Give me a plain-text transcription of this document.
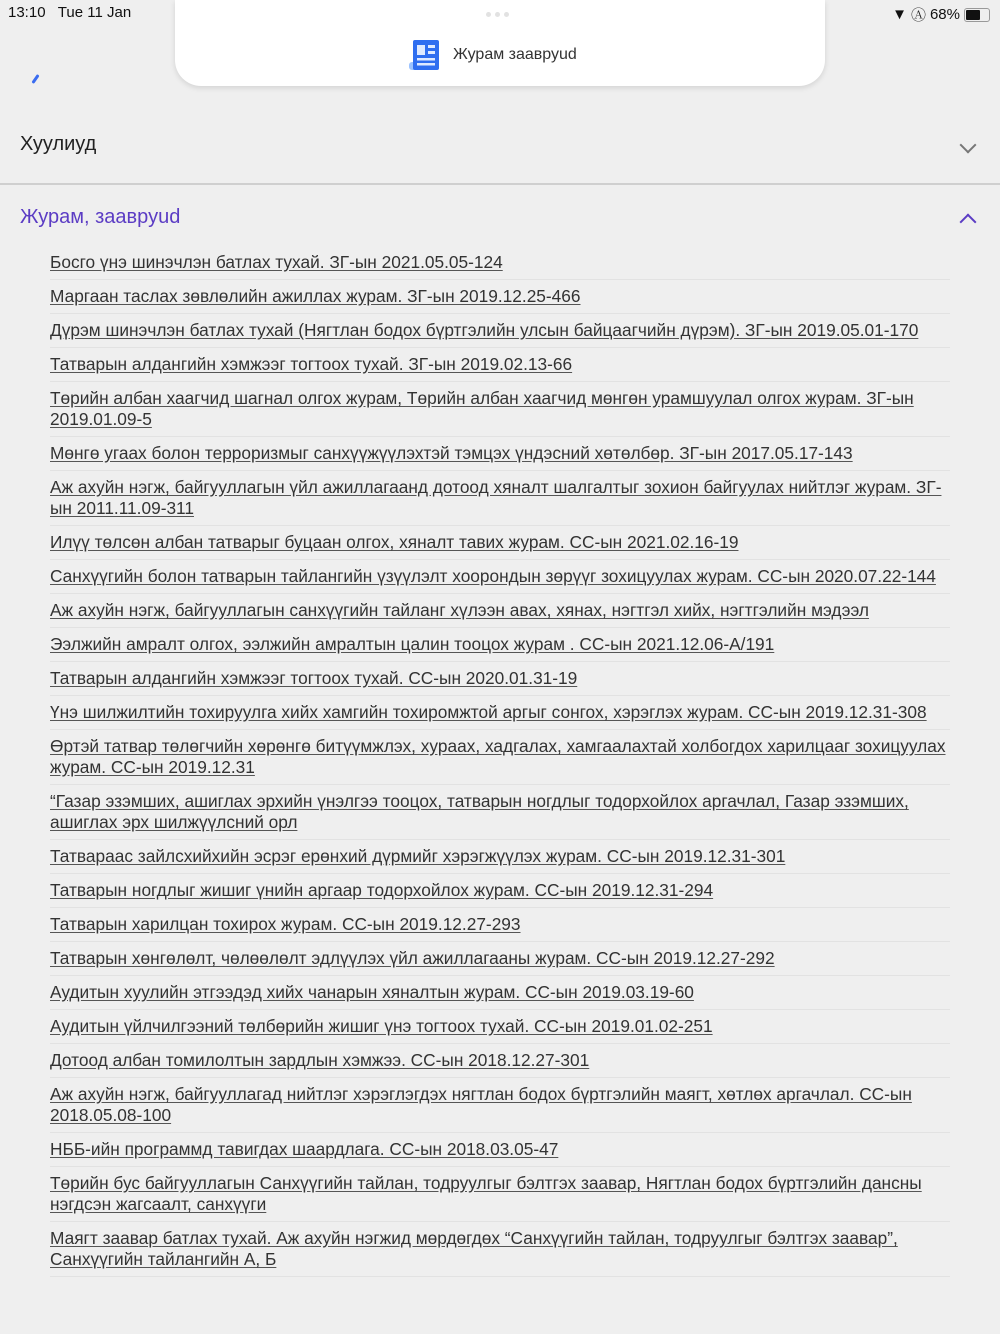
13:10 Tue 11 Jan	▼ Ⓐ 68%
Журам заавруud
Хуулиуд
Журам, заавруud
Босго үнэ шинэчлэн батлах тухай. ЗГ-ын 2021.05.05-124
Маргаан таслах зөвлөлийн ажиллах журам. ЗГ-ын 2019.12.25-466
Дүрэм шинэчлэн батлах тухай (Нягтлан бодох бүртгэлийн улсын байцаагчийн дүрэм). ЗГ-ын 2019.05.01-170
Татварын алдангийн хэмжээг тогтоох тухай. ЗГ-ын 2019.02.13-66
Төрийн албан хаагчид шагнал олгох журам, Төрийн албан хаагчид мөнгөн урамшуулал олгох журам. ЗГ-ын 2019.01.09-5
Мөнгө угаах болон терроризмыг санхүүжүүлэхтэй тэмцэх үндэсний хөтөлбөр. ЗГ-ын 2017.05.17-143
Аж ахуйн нэгж, байгууллагын үйл ажиллагаанд дотоод хяналт шалгалтыг зохион байгуулах нийтлэг журам. ЗГ-ын 2011.11.09-311
Илүү төлсөн албан татварыг буцаан олгох, хяналт тавих журам. СС-ын 2021.02.16-19
Санхүүгийн болон татварын тайлангийн үзүүлэлт хоорондын зөрүүг зохицуулах журам. СС-ын 2020.07.22-144
Аж ахуйн нэгж, байгууллагын санхүүгийн тайланг хүлээн авах, хянах, нэгтгэл хийх, нэгтгэлийн мэдээл
Ээлжийн амралт олгох, ээлжийн амралтын цалин тооцох журам . СС-ын 2021.12.06-А/191
Татварын алдангийн хэмжээг тогтоох тухай. СС-ын 2020.01.31-19
Үнэ шилжилтийн тохируулга хийх хамгийн тохиромжтой аргыг сонгох, хэрэглэх журам. СС-ын 2019.12.31-308
Өртэй татвар төлөгчийн хөрөнгө битүүмжлэх, хураах, хадгалах, хамгаалахтай холбогдох харилцааг зохицуулах журам. СС-ын 2019.12.31
“Газар эзэмших, ашиглах эрхийн үнэлгээ тооцох, татварын ногдлыг тодорхойлох аргачлал, Газар эзэмших, ашиглах эрх шилжүүлсний орл
Татвараас зайлсхийхийн эсрэг ерөнхий дүрмийг хэрэгжүүлэх журам. СС-ын 2019.12.31-301
Татварын ногдлыг жишиг үнийн аргаар тодорхойлох журам. СС-ын 2019.12.31-294
Татварын харилцан тохирох журам. СС-ын 2019.12.27-293
Татварын хөнгөлөлт, чөлөөлөлт эдлүүлэх үйл ажиллагааны журам. СС-ын 2019.12.27-292
Аудитын хуулийн этгээдэд хийх чанарын хяналтын журам. СС-ын 2019.03.19-60
Аудитын үйлчилгээний төлбөрийн жишиг үнэ тогтоох тухай. СС-ын 2019.01.02-251
Дотоод албан томилолтын зардлын хэмжээ. СС-ын 2018.12.27-301
Аж ахуйн нэгж, байгууллагад нийтлэг хэрэглэгдэх нягтлан бодох бүртгэлийн маягт, хөтлөх аргачлал. СС-ын 2018.05.08-100
НББ-ийн программд тавигдах шаардлага. СС-ын 2018.03.05-47
Төрийн бус байгууллагын Санхүүгийн тайлан, тодруулгыг бэлтгэх заавар, Нягтлан бодох бүртгэлийн дансны нэгдсэн жагсаалт, санхүүги
Маягт заавар батлах тухай. Аж ахуйн нэгжид мөрдөгдөх “Санхүүгийн тайлан, тодруулгыг бэлтгэх заавар”, Санхүүгийн тайлангийн А, Б
